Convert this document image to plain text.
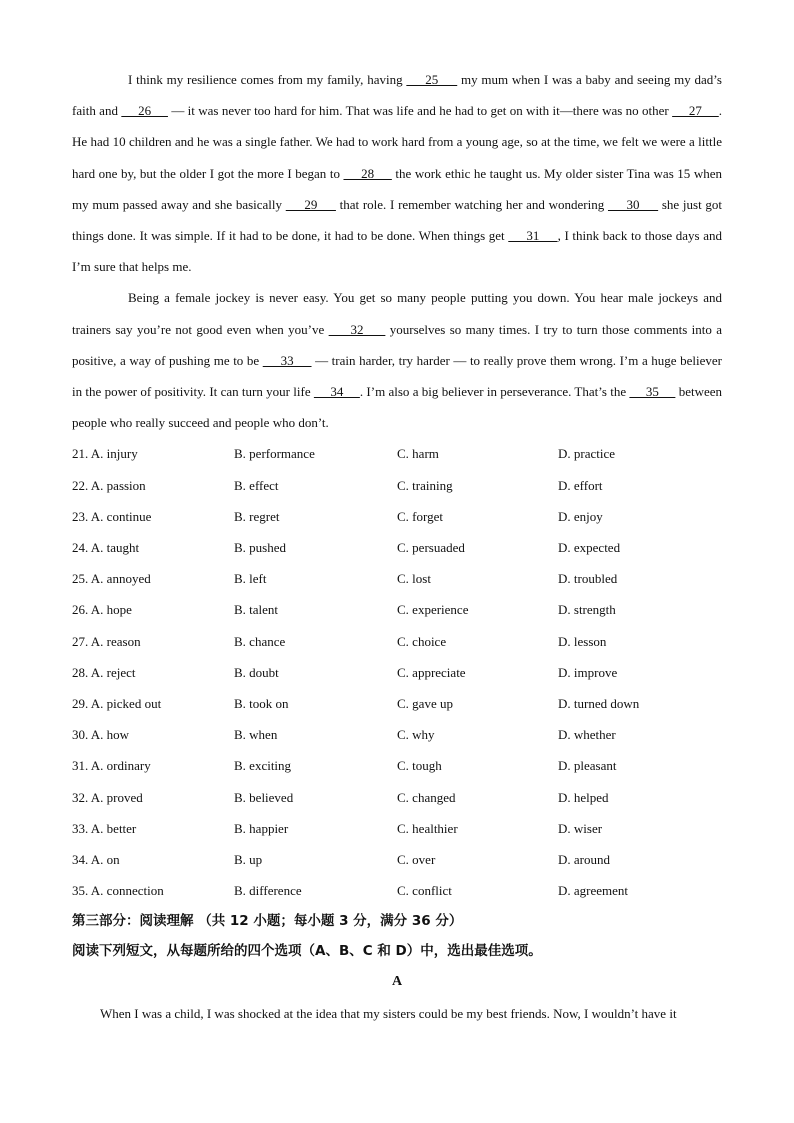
I think my resilience comes from my family, having      25      my mum when I was a baby and seeing my dad’s faith and      26      — it was never too hard for him. That was life and he had to get on with it—there was no other      27     . He had 10 children and he was a single father. We had to work hard from a young age, so at the time, we felt we were a little hard one by, but the older I got the more I began to      28      the work ethic he taught us. My older sister Tina was 15 when my mum passed away and she basically      29      that role. I remember watching her and wondering      30      she just got things done. It was simple. If it had to be done, it had to be done. When things get      31     , I think back to those days and I’m sure that helps me.

Being a female jockey is never easy. You get so many people putting you down. You hear male jockeys and trainers say you’re not good even when you’ve      32      yourselves so many times. I try to turn those comments into a positive, a way of pushing me to be      33      — train harder, try harder — to really prove them wrong. I’m a huge believer in the power of positivity. It can turn your life      34     . I’m also a big believer in perseverance. That’s the      35      between people who really succeed and people who don’t.

21. A. injury	B. performance	C. harm	D. practice
22. A. passion	B. effect	C. training	D. effort
23. A. continue	B. regret	C. forget	D. enjoy
24. A. taught	B. pushed	C. persuaded	D. expected
25. A. annoyed	B. left	C. lost	D. troubled
26. A. hope	B. talent	C. experience	D. strength
27. A. reason	B. chance	C. choice	D. lesson
28. A. reject	B. doubt	C. appreciate	D. improve
29. A. picked out	B. took on	C. gave up	D. turned down
30. A. how	B. when	C. why	D. whether
31. A. ordinary	B. exciting	C. tough	D. pleasant
32. A. proved	B. believed	C. changed	D. helped
33. A. better	B. happier	C. healthier	D. wiser
34. A. on	B. up	C. over	D. around
35. A. connection	B. difference	C. conflict	D. agreement

第三部分：阅读理解 （共 12 小题；每小题 3 分，满分 36 分）

阅读下列短文，从每题所给的四个选项（A、B、C 和 D）中，选出最佳选项。

A

When I was a child, I was shocked at the idea that my sisters could be my best friends. Now, I wouldn’t have it
